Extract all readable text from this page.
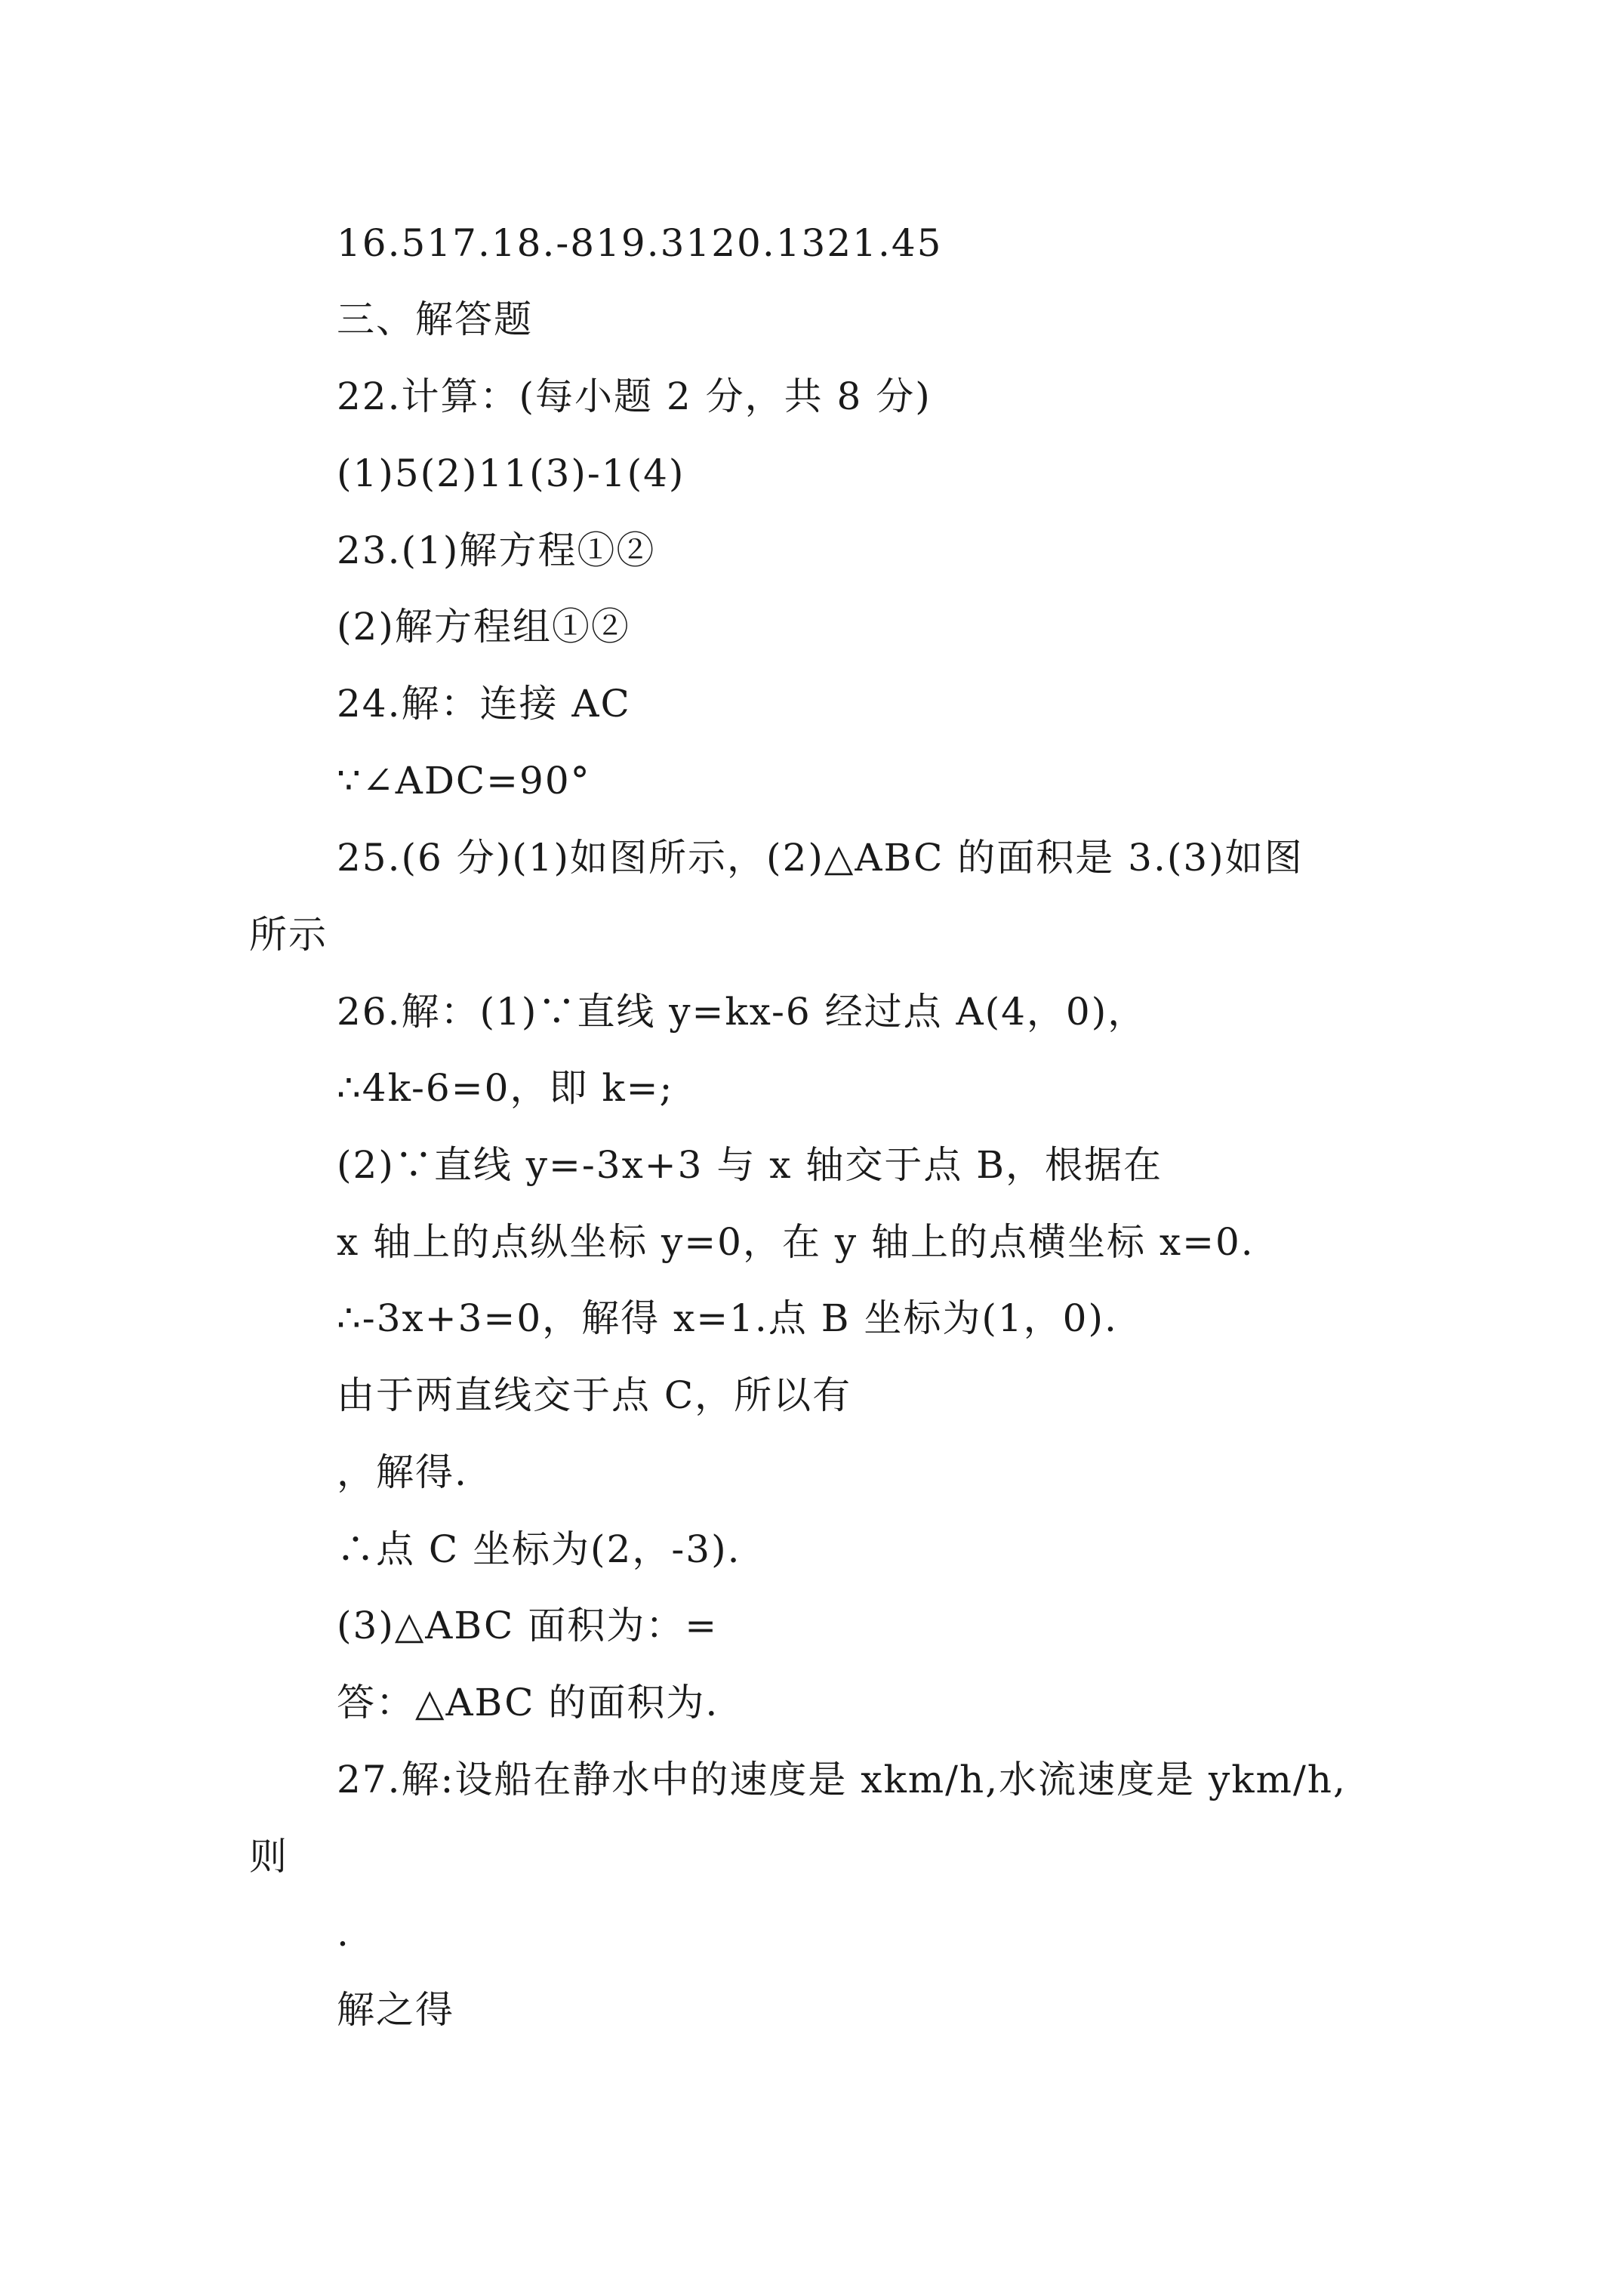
16.517.18.-819.3120.1321.45
三、解答题
22.计算：(每小题 2 分，共 8 分)
(1)5(2)11(3)-1(4)
23.(1)解方程①②
(2)解方程组①②
24.解：连接 AC
∵∠ADC=90°
25.(6 分)(1)如图所示，(2)△ABC 的面积是 3.(3)如图
所示
26.解：(1)∵直线 y=kx-6 经过点 A(4，0)，
∴4k-6=0，即 k=;
(2)∵直线 y=-3x+3 与 x 轴交于点 B，根据在
x 轴上的点纵坐标 y=0，在 y 轴上的点横坐标 x=0.
∴-3x+3=0，解得 x=1.点 B 坐标为(1，0).
由于两直线交于点 C，所以有
，解得.
∴点 C 坐标为(2，-3).
(3)△ABC 面积为：=
答：△ABC 的面积为.
27.解:设船在静水中的速度是 xkm/h,水流速度是 ykm/h,
则
.
解之得
